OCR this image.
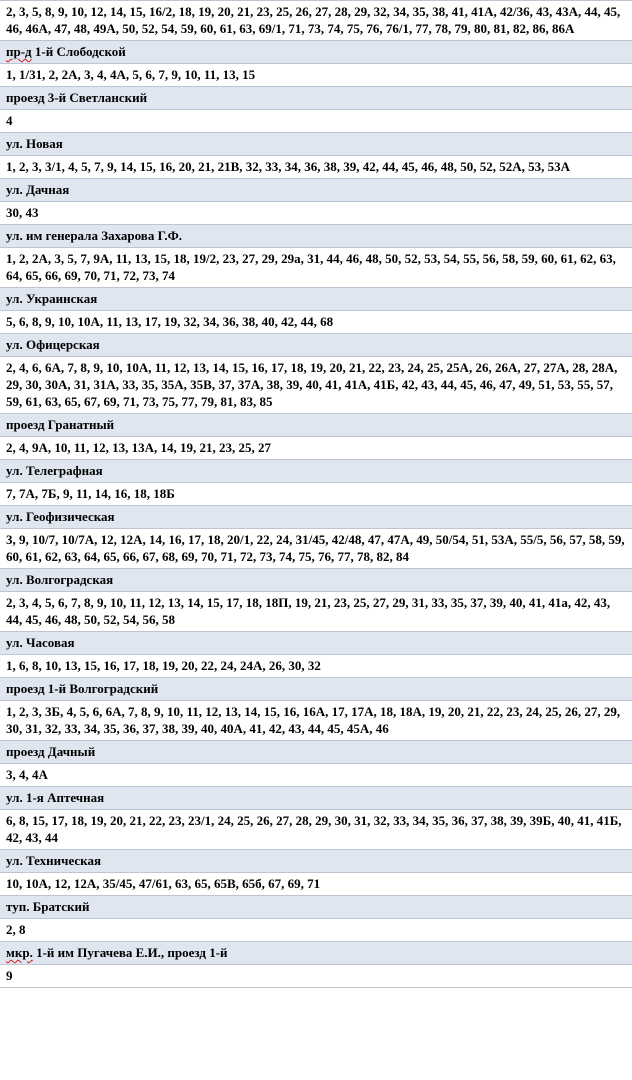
2, 3, 5, 8, 9, 10, 12, 14, 15, 16/2, 18, 19, 20, 21, 23, 25, 26, 27, 28, 29, 32, 34, 35, 38, 41, 41А, 42/36, 43, 43А, 44, 45, 46, 46А, 47, 48, 49А, 50, 52, 54, 59, 60, 61, 63, 69/1, 71, 73, 74, 75, 76, 76/1, 77, 78, 79, 80, 81, 82, 86, 86А
пр-д 1-й Слободской
1, 1/31, 2, 2А, 3, 4, 4А, 5, 6, 7, 9, 10, 11, 13, 15
проезд 3-й Светланский
4
ул. Новая
1, 2, 3, 3/1, 4, 5, 7, 9, 14, 15, 16, 20, 21, 21В, 32, 33, 34, 36, 38, 39, 42, 44, 45, 46, 48, 50, 52, 52А, 53, 53А
ул. Дачная
30, 43
ул. им генерала Захарова Г.Ф.
1, 2, 2А, 3, 5, 7, 9А, 11, 13, 15, 18, 19/2, 23, 27, 29, 29а, 31, 44, 46, 48, 50, 52, 53, 54, 55, 56, 58, 59, 60, 61, 62, 63, 64, 65, 66, 69, 70, 71, 72, 73, 74
ул. Украинская
5, 6, 8, 9, 10, 10А, 11, 13, 17, 19, 32, 34, 36, 38, 40, 42, 44, 68
ул. Офицерская
2, 4, 6, 6А, 7, 8, 9, 10, 10А, 11, 12, 13, 14, 15, 16, 17, 18, 19, 20, 21, 22, 23, 24, 25, 25А, 26, 26А, 27, 27А, 28, 28А, 29, 30, 30А, 31, 31А, 33, 35, 35А, 35В, 37, 37А, 38, 39, 40, 41, 41А, 41Б, 42, 43, 44, 45, 46, 47, 49, 51, 53, 55, 57, 59, 61, 63, 65, 67, 69, 71, 73, 75, 77, 79, 81, 83, 85
проезд Гранатный
2, 4, 9А, 10, 11, 12, 13, 13А, 14, 19, 21, 23, 25, 27
ул. Телеграфная
7, 7А, 7Б, 9, 11, 14, 16, 18, 18Б
ул. Геофизическая
3, 9, 10/7, 10/7А, 12, 12А, 14, 16, 17, 18, 20/1, 22, 24, 31/45, 42/48, 47, 47А, 49, 50/54, 51, 53А, 55/5, 56, 57, 58, 59, 60, 61, 62, 63, 64, 65, 66, 67, 68, 69, 70, 71, 72, 73, 74, 75, 76, 77, 78, 82, 84
ул. Волгоградская
2, 3, 4, 5, 6, 7, 8, 9, 10, 11, 12, 13, 14, 15, 17, 18, 18П, 19, 21, 23, 25, 27, 29, 31, 33, 35, 37, 39, 40, 41, 41а, 42, 43, 44, 45, 46, 48, 50, 52, 54, 56, 58
ул. Часовая
1, 6, 8, 10, 13, 15, 16, 17, 18, 19, 20, 22, 24, 24А, 26, 30, 32
проезд 1-й Волгоградский
1, 2, 3, 3Б, 4, 5, 6, 6А, 7, 8, 9, 10, 11, 12, 13, 14, 15, 16, 16А, 17, 17А, 18, 18А, 19, 20, 21, 22, 23, 24, 25, 26, 27, 29, 30, 31, 32, 33, 34, 35, 36, 37, 38, 39, 40, 40А, 41, 42, 43, 44, 45, 45А, 46
проезд Дачный
3, 4, 4А
ул. 1-я Аптечная
6, 8, 15, 17, 18, 19, 20, 21, 22, 23, 23/1, 24, 25, 26, 27, 28, 29, 30, 31, 32, 33, 34, 35, 36, 37, 38, 39, 39Б, 40, 41, 41Б, 42, 43, 44
ул. Техническая
10, 10А, 12, 12А, 35/45, 47/61, 63, 65, 65В, 65б, 67, 69, 71
туп. Братский
2, 8
мкр. 1-й им Пугачева Е.И., проезд 1-й
9
